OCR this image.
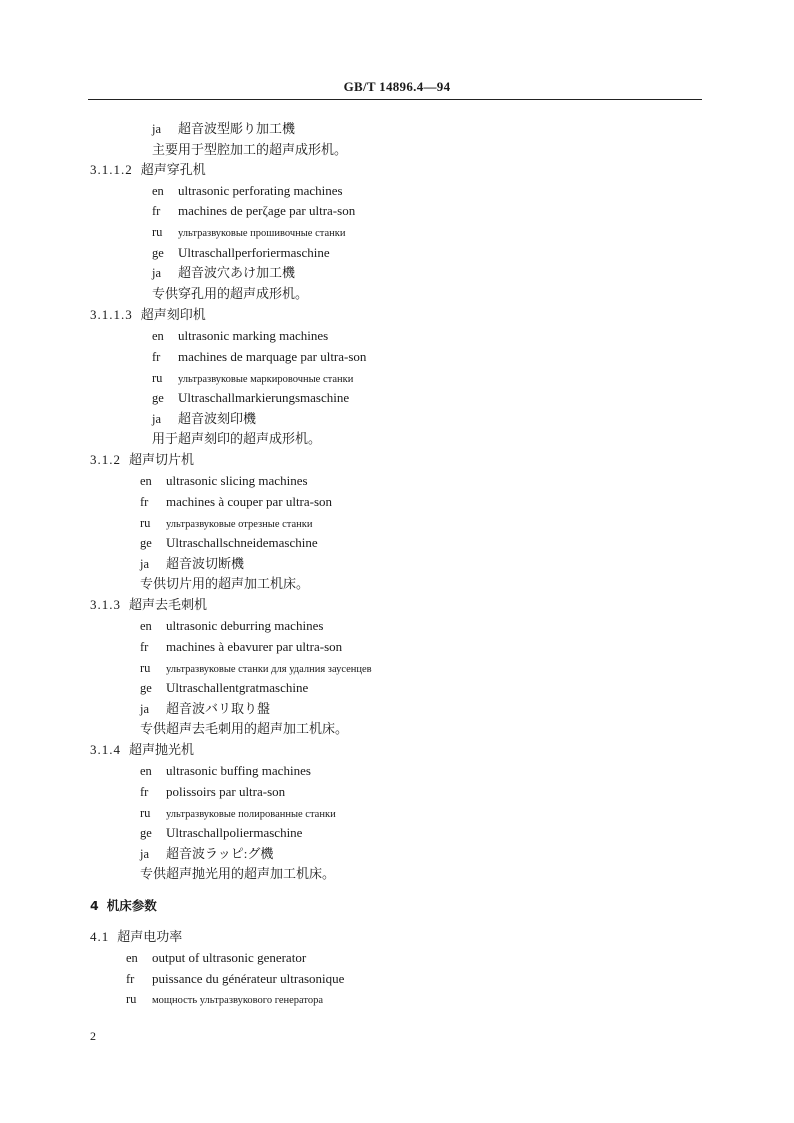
GB/T 14896.4—94
ja 超音波型彫り加工機
主要用于型腔加工的超声成形机。
3.1.1.2 超声穿孔机
en ultrasonic perforating machines
fr machines de perζage par ultra-son
ru ультразвуковые прошивочные станки
ge Ultraschallperforiermaschine
ja 超音波穴あけ加工機
专供穿孔用的超声成形机。
3.1.1.3 超声刻印机
en ultrasonic marking machines
fr machines de marquage par ultra-son
ru ультразвуковые маркировочные станки
ge Ultraschallmarkierungsmaschine
ja 超音波刻印機
用于超声刻印的超声成形机。
3.1.2 超声切片机
en ultrasonic slicing machines
fr machines à couper par ultra-son
ru ультразвуковые отрезные станки
ge Ultraschallschneidemaschine
ja 超音波切断機
专供切片用的超声加工机床。
3.1.3 超声去毛刺机
en ultrasonic deburring machines
fr machines à ebavurer par ultra-son
ru ультразвуковые станки для удалния заусенцев
ge Ultraschallentgratmaschine
ja 超音波バリ取り盤
专供超声去毛刺用的超声加工机床。
3.1.4 超声抛光机
en ultrasonic buffing machines
fr polissoirs par ultra-son
ru ультразвуковые полированные станки
ge Ultraschallpoliermaschine
ja 超音波ラッピ:グ機
专供超声抛光用的超声加工机床。
4 机床参数
4.1 超声电功率
en output of ultrasonic generator
fr puissance du générateur ultrasonique
ru мощность ультразвукового генератора
2
